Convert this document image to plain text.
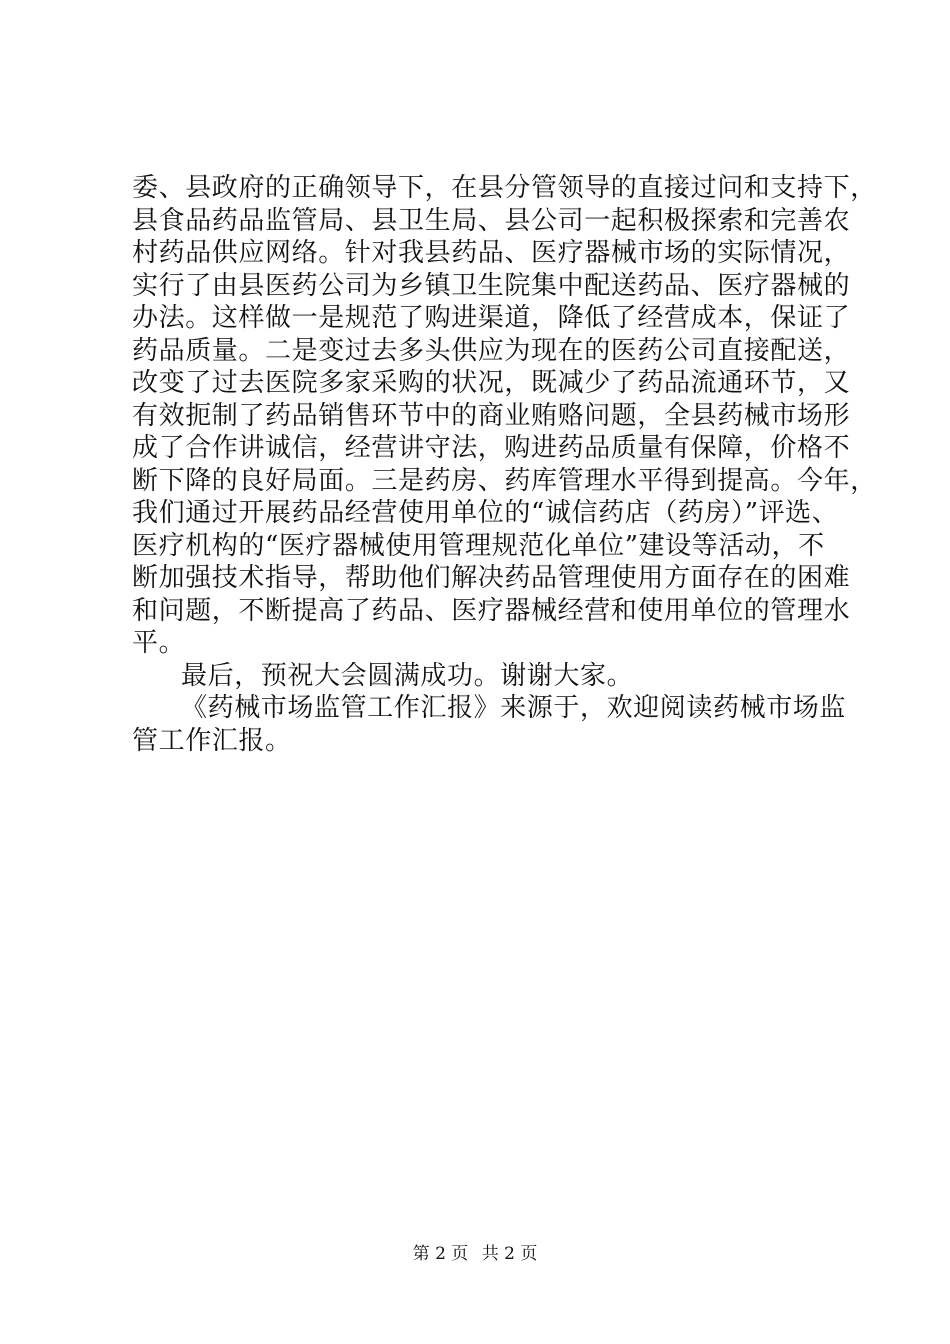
委、县政府的正确领导下，在县分管领导的直接过问和支持下，
县食品药品监管局、县卫生局、县公司一起积极探索和完善农
村药品供应网络。针对我县药品、医疗器械市场的实际情况，
实行了由县医药公司为乡镇卫生院集中配送药品、医疗器械的
办法。这样做一是规范了购进渠道，降低了经营成本，保证了
药品质量。二是变过去多头供应为现在的医药公司直接配送，
改变了过去医院多家采购的状况，既减少了药品流通环节，又
有效扼制了药品销售环节中的商业贿赂问题，全县药械市场形
成了合作讲诚信，经营讲守法，购进药品质量有保障，价格不
断下降的良好局面。三是药房、药库管理水平得到提高。今年，
我们通过开展药品经营使用单位的“诚信药店（药房）”评选、
医疗机构的“医疗器械使用管理规范化单位”建设等活动，不
断加强技术指导，帮助他们解决药品管理使用方面存在的困难
和问题，不断提高了药品、医疗器械经营和使用单位的管理水
平。
最后，预祝大会圆满成功。谢谢大家。
《药械市场监管工作汇报》来源于，欢迎阅读药械市场监
管工作汇报。
第 2 页 共 2 页
